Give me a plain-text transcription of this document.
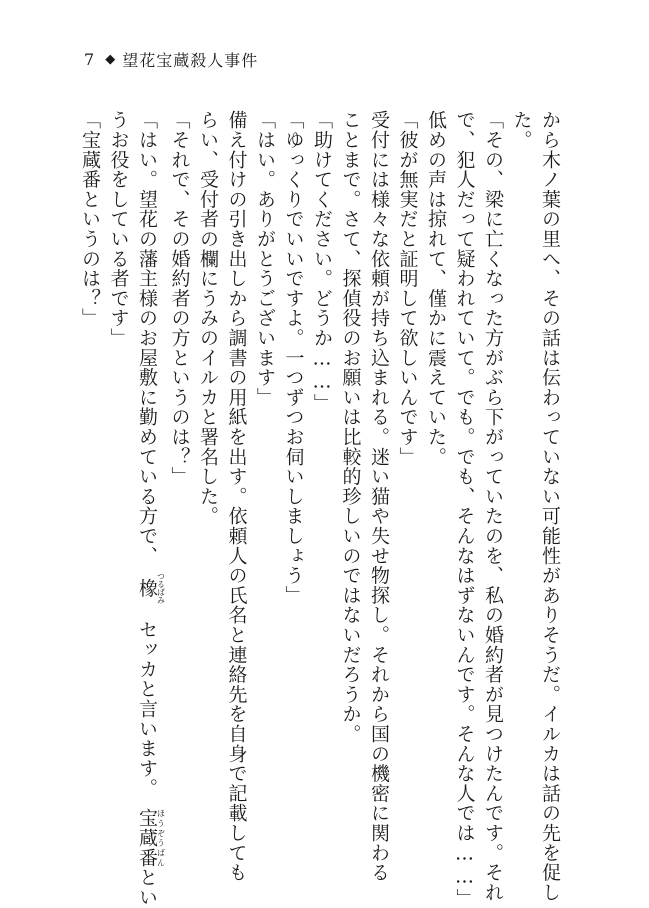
7 ◆ 望花宝蔵殺人事件
から木ノ葉の里へ、その話は伝わっていない可能性がありそうだ。イルカは話の先を促し
た。
「その、梁に亡くなった方がぶら下がっていたのを、私の婚約者が見つけたんです。それ
で、犯人だって疑われていて。でも。でも、そんなはずないんです。そんな人では……」
低めの声は掠れて、僅かに震えていた。
「彼が無実だと証明して欲しいんです」
受付には様々な依頼が持ち込まれる。迷い猫や失せ物探し。それから国の機密に関わる
ことまで。さて、探偵役のお願いは比較的珍しいのではないだろうか。
「助けてください。どうか……」
「ゆっくりでいいですよ。一つずつお伺いしましょう」
「はい。ありがとうございます」
備え付けの引き出しから調書の用紙を出す。依頼人の氏名と連絡先を自身で記載しても
らい、受付者の欄にうみのイルカと署名した。
「それで、その婚約者の方というのは？」
「はい。望花の藩主様のお屋敷に勤めている方で、　橡つるばみ　セッカと言います。　宝蔵番ほうぞうばんとい
うお役をしている者です」
「宝蔵番というのは？」
